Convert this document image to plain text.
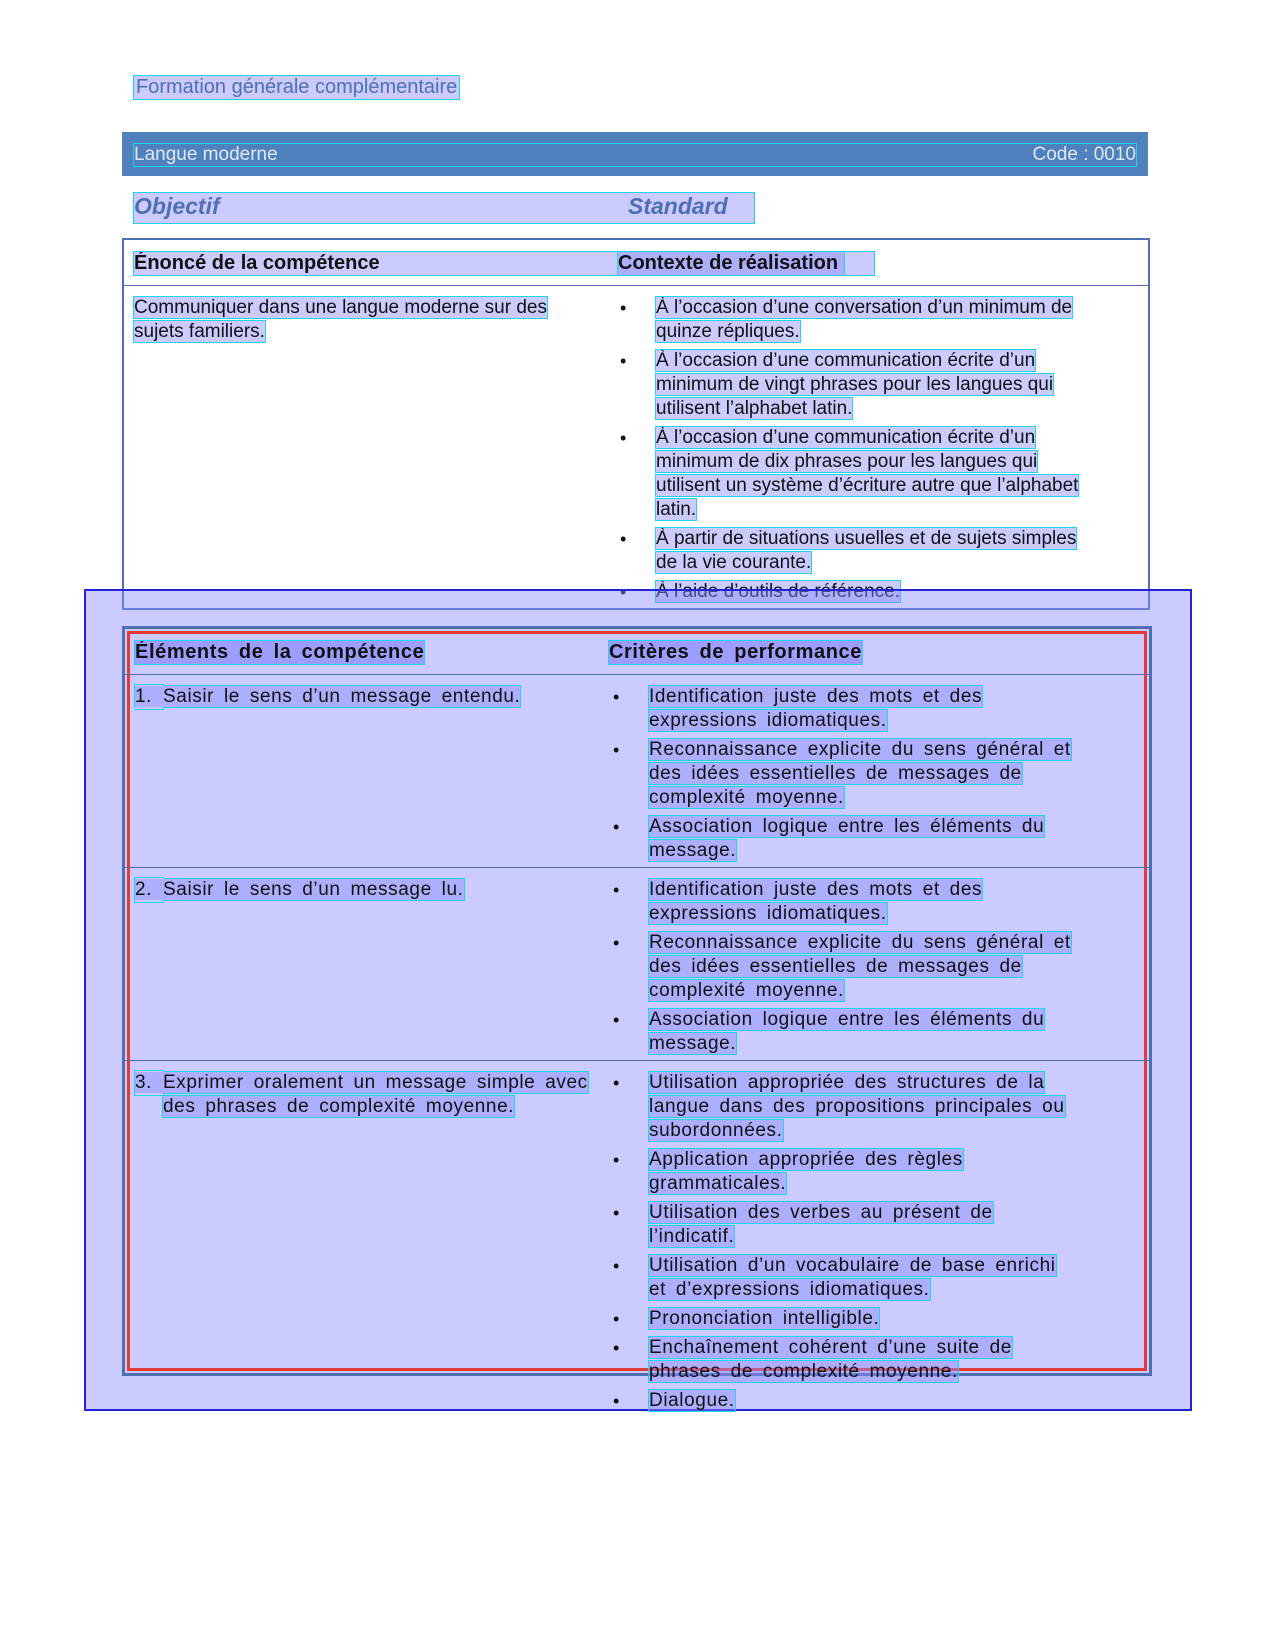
Formation générale complémentaire
Langue moderne	Code : 0010
Objectif	Standard
Énoncé de la compétence	Contexte de réalisation
Communiquer dans une langue moderne sur des sujets familiers.
• À l’occasion d’une conversation d’un minimum de quinze répliques.
• À l’occasion d’une communication écrite d’un minimum de vingt phrases pour les langues qui utilisent l’alphabet latin.
• À l’occasion d’une communication écrite d’un minimum de dix phrases pour les langues qui utilisent un système d’écriture autre que l’alphabet latin.
• À partir de situations usuelles et de sujets simples de la vie courante.
• À l’aide d’outils de référence.
Éléments de la compétence	Critères de performance
1. Saisir le sens d’un message entendu.	• Identification juste des mots et des expressions idiomatiques.
• Reconnaissance explicite du sens général et des idées essentielles de messages de complexité moyenne.
• Association logique entre les éléments du message.
2. Saisir le sens d’un message lu.	• Identification juste des mots et des expressions idiomatiques.
• Reconnaissance explicite du sens général et des idées essentielles de messages de complexité moyenne.
• Association logique entre les éléments du message.
3. Exprimer oralement un message simple avec des phrases de complexité moyenne.
• Utilisation appropriée des structures de la langue dans des propositions principales ou subordonnées.
• Application appropriée des règles grammaticales.
• Utilisation des verbes au présent de l’indicatif.
• Utilisation d’un vocabulaire de base enrichi et d’expressions idiomatiques.
• Prononciation intelligible.
• Enchaînement cohérent d’une suite de phrases de complexité moyenne.
• Dialogue.
